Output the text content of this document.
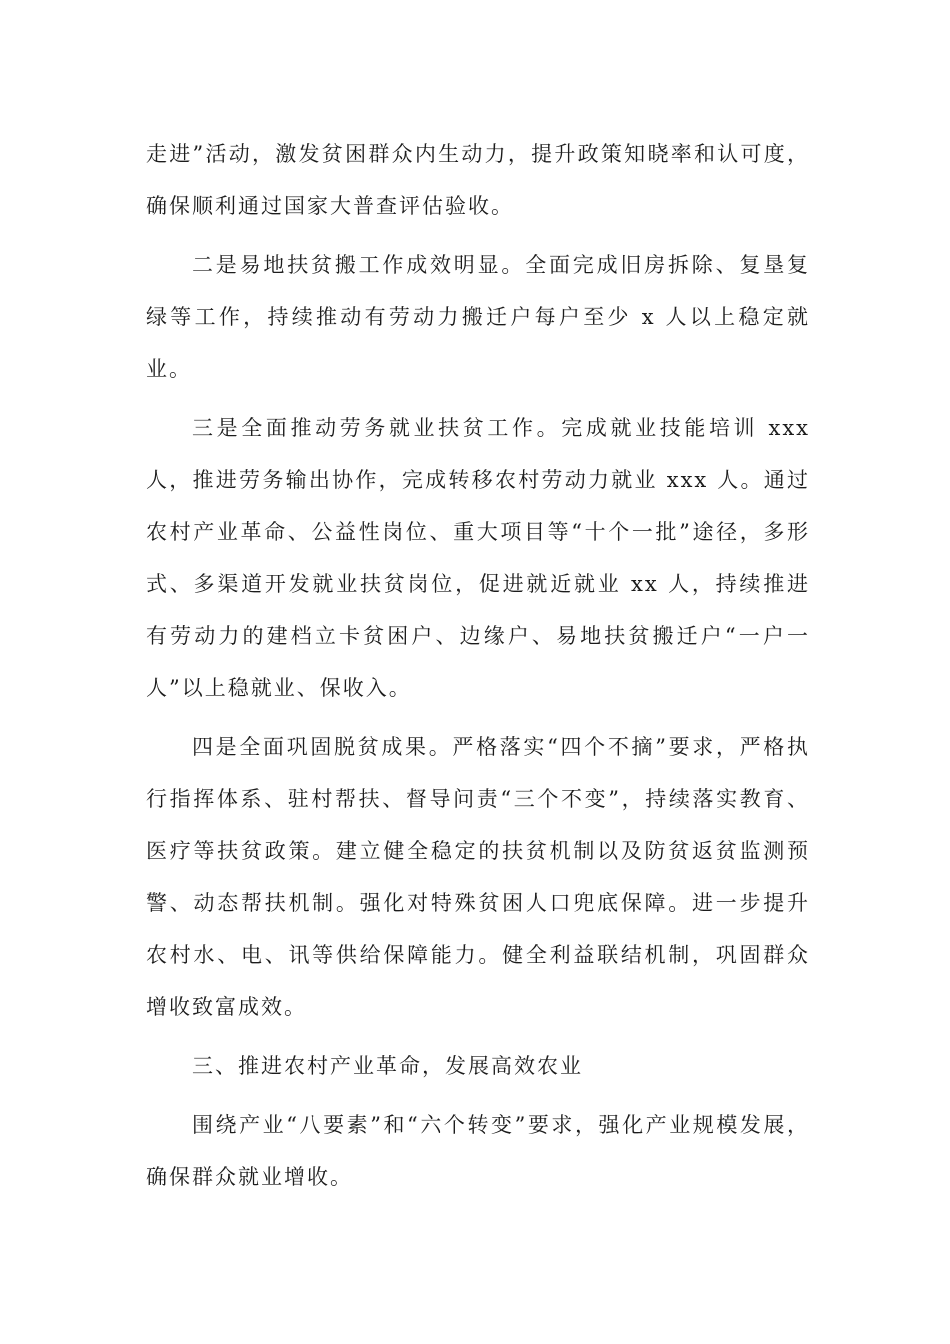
走进”活动，激发贫困群众内生动力，提升政策知晓率和认可度，确保顺利通过国家大普查评估验收。

二是易地扶贫搬工作成效明显。全面完成旧房拆除、复垦复绿等工作，持续推动有劳动力搬迁户每户至少 x 人以上稳定就业。

三是全面推动劳务就业扶贫工作。完成就业技能培训 xxx 人，推进劳务输出协作，完成转移农村劳动力就业 xxx 人。通过农村产业革命、公益性岗位、重大项目等“十个一批”途径，多形式、多渠道开发就业扶贫岗位，促进就近就业 xx 人，持续推进有劳动力的建档立卡贫困户、边缘户、易地扶贫搬迁户“一户一人”以上稳就业、保收入。

四是全面巩固脱贫成果。严格落实“四个不摘”要求，严格执行指挥体系、驻村帮扶、督导问责“三个不变”，持续落实教育、医疗等扶贫政策。建立健全稳定的扶贫机制以及防贫返贫监测预警、动态帮扶机制。强化对特殊贫困人口兜底保障。进一步提升农村水、电、讯等供给保障能力。健全利益联结机制，巩固群众增收致富成效。

三、推进农村产业革命，发展高效农业

围绕产业“八要素”和“六个转变”要求，强化产业规模发展，确保群众就业增收。
